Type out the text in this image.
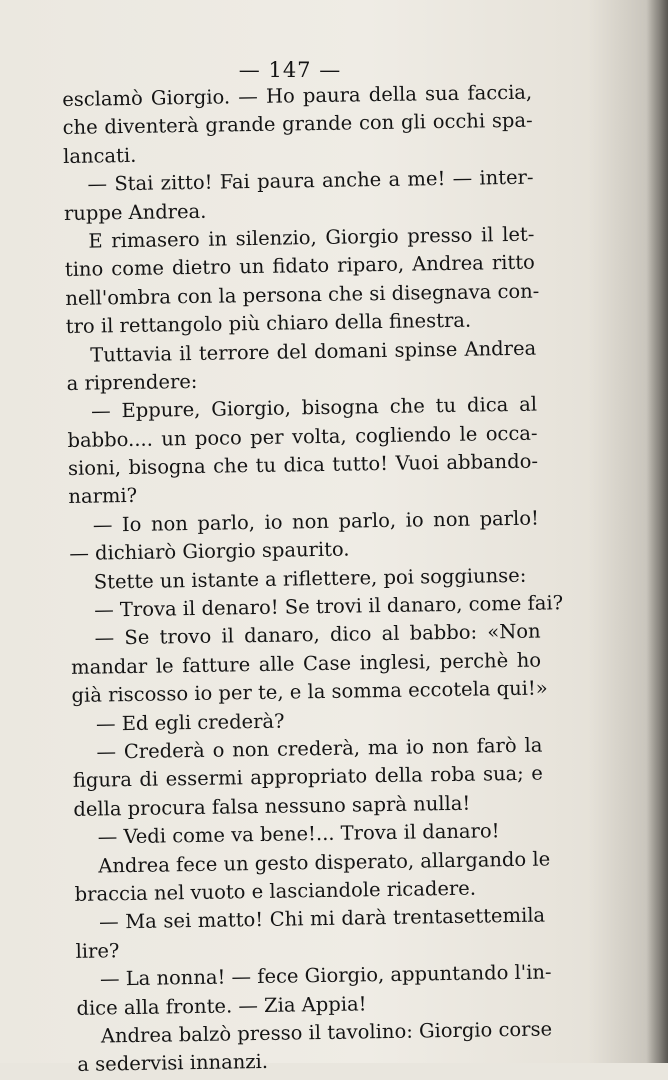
— 147 —
esclamò Giorgio. — Ho paura della sua faccia,
che diventerà grande grande con gli occhi spa-
lancati.
— Stai zitto! Fai paura anche a me! — inter-
ruppe Andrea.
E rimasero in silenzio, Giorgio presso il let-
tino come dietro un fidato riparo, Andrea ritto
nell'ombra con la persona che si disegnava con-
tro il rettangolo più chiaro della finestra.
Tuttavia il terrore del domani spinse Andrea
a riprendere:
— Eppure, Giorgio, bisogna che tu dica al
babbo.... un poco per volta, cogliendo le occa-
sioni, bisogna che tu dica tutto! Vuoi abbando-
narmi?
— Io non parlo, io non parlo, io non parlo!
— dichiarò Giorgio spaurito.
Stette un istante a riflettere, poi soggiunse:
— Trova il denaro! Se trovi il danaro, come fai?
— Se trovo il danaro, dico al babbo: «Non
mandar le fatture alle Case inglesi, perchè ho
già riscosso io per te, e la somma eccotela qui!»
— Ed egli crederà?
— Crederà o non crederà, ma io non farò la
figura di essermi appropriato della roba sua; e
della procura falsa nessuno saprà nulla!
— Vedi come va bene!... Trova il danaro!
Andrea fece un gesto disperato, allargando le
braccia nel vuoto e lasciandole ricadere.
— Ma sei matto! Chi mi darà trentasettemila
lire?
— La nonna! — fece Giorgio, appuntando l'in-
dice alla fronte. — Zia Appia!
Andrea balzò presso il tavolino: Giorgio corse
a sedervisi innanzi.
